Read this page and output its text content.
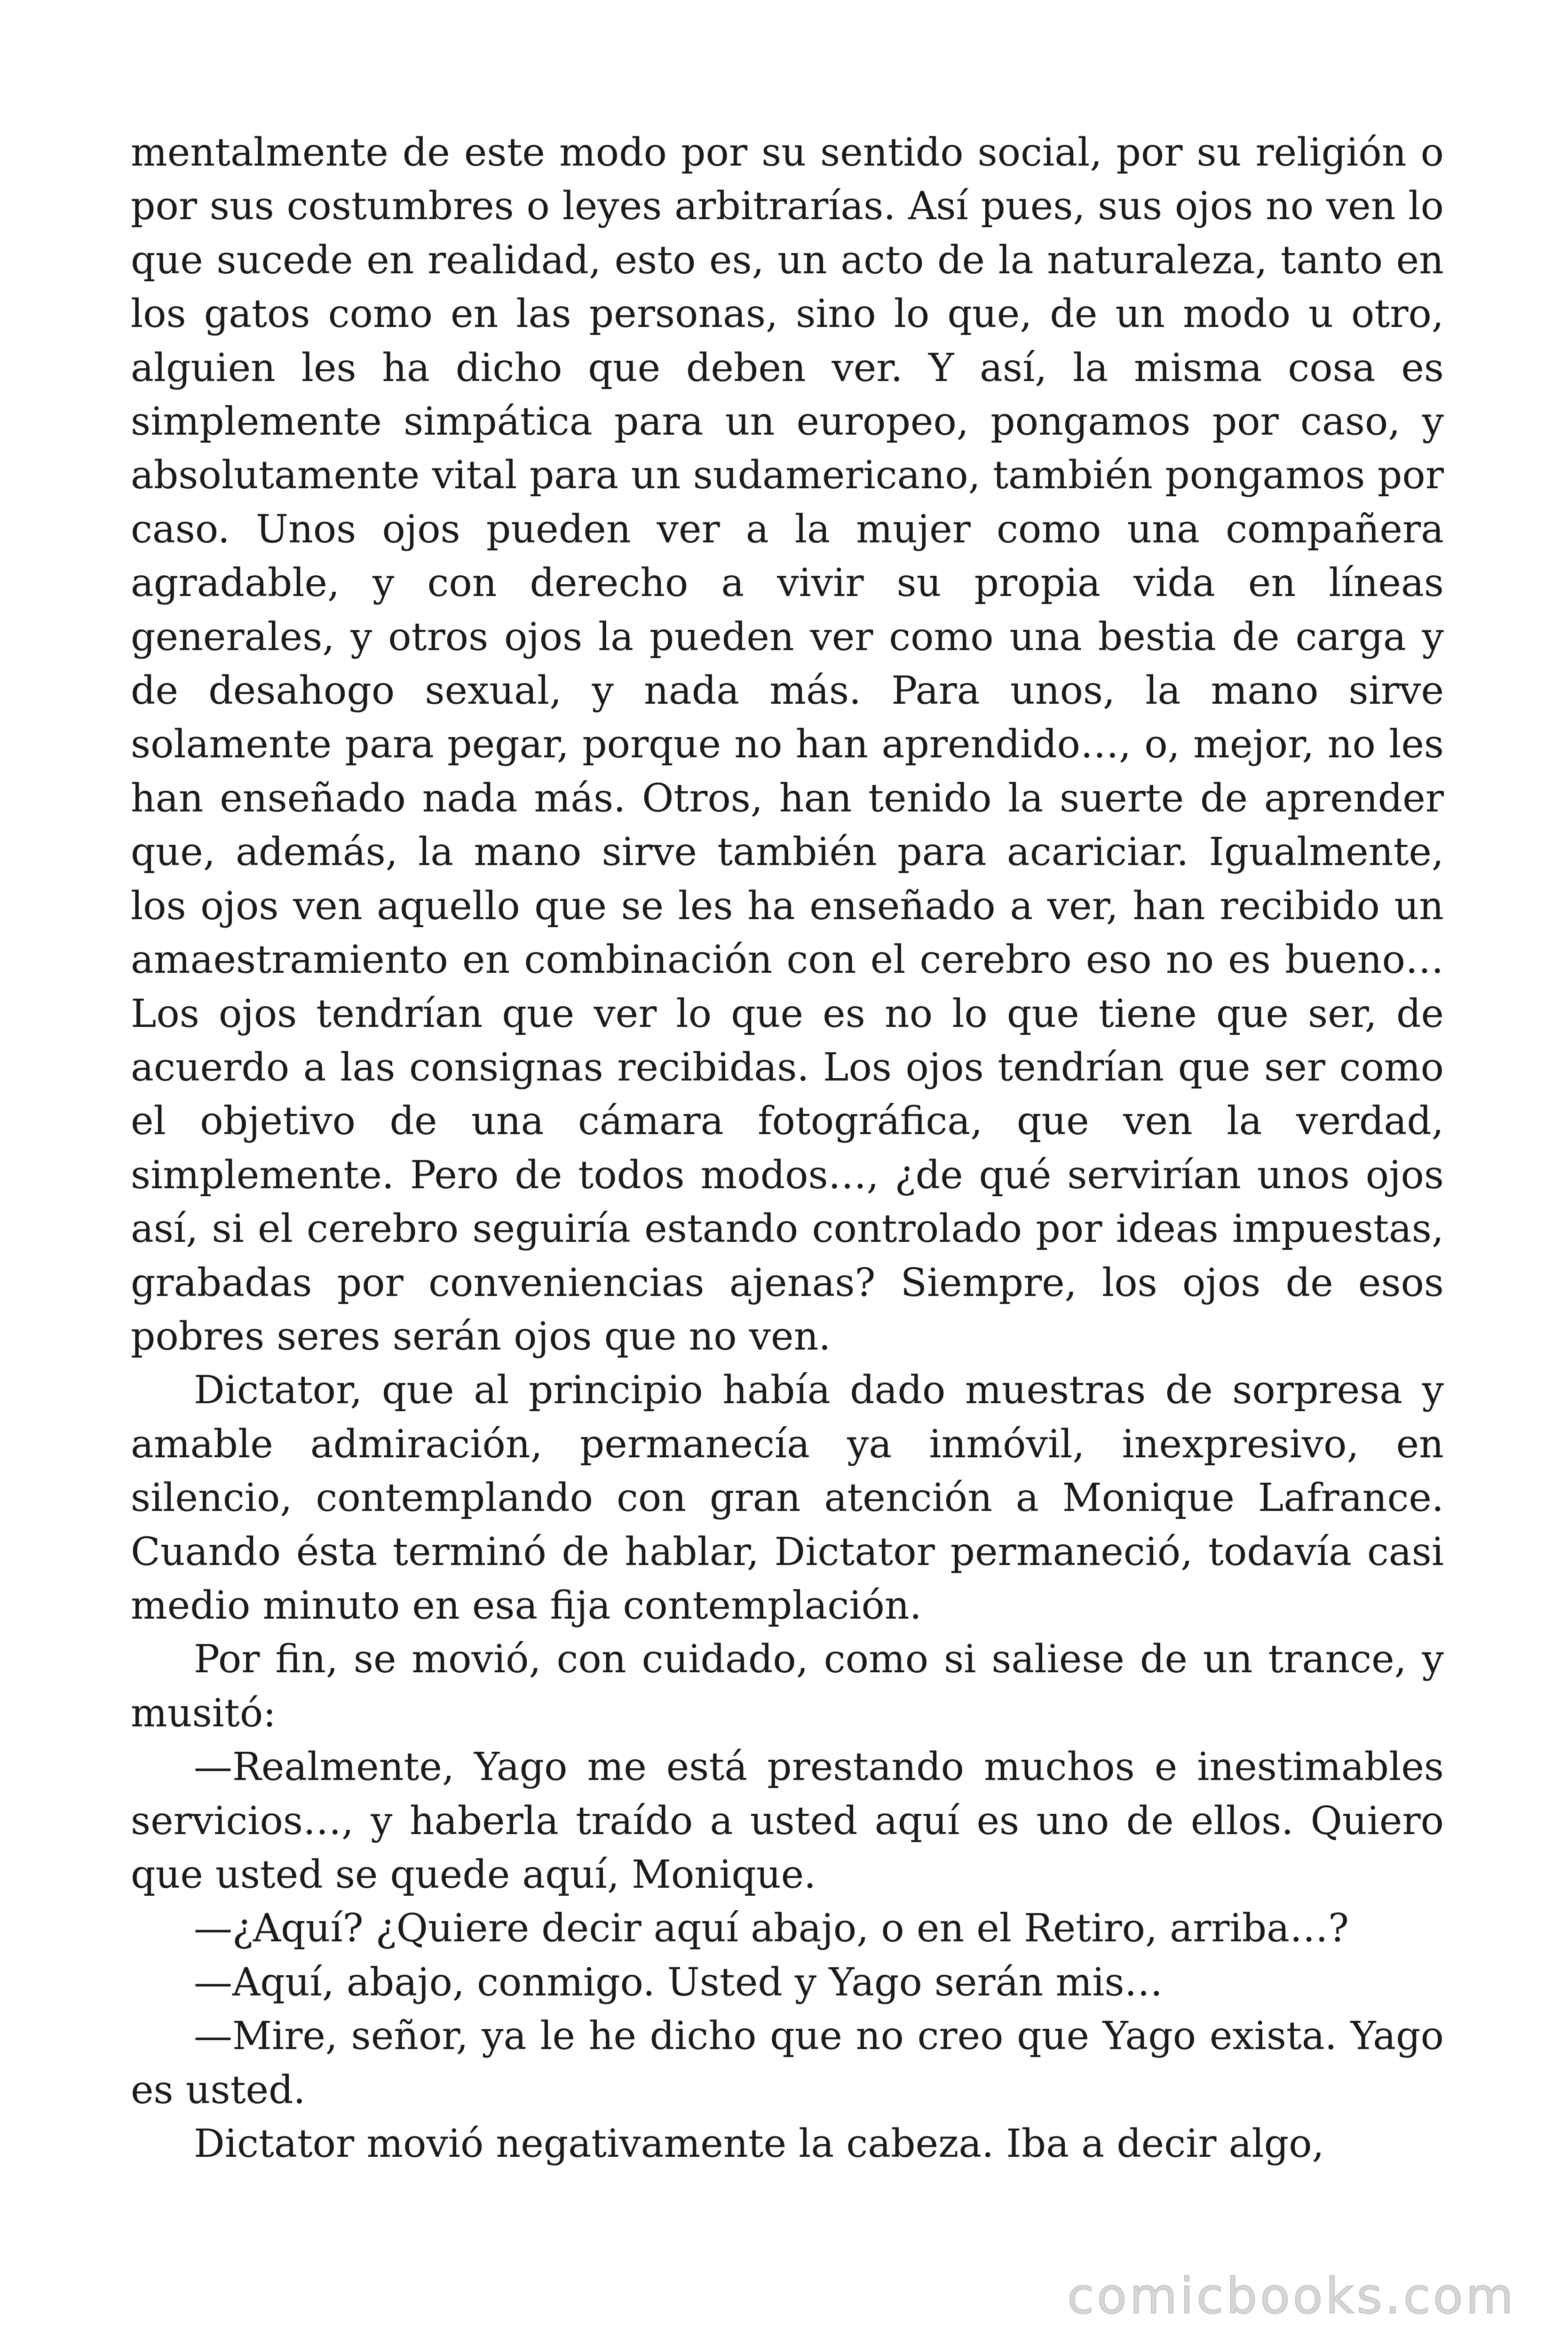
mentalmente de este modo por su sentido social, por su religión o por sus costumbres o leyes arbitrarías. Así pues, sus ojos no ven lo que sucede en realidad, esto es, un acto de la naturaleza, tanto en los gatos como en las personas, sino lo que, de un modo u otro, alguien les ha dicho que deben ver. Y así, la misma cosa es simplemente simpática para un europeo, pongamos por caso, y absolutamente vital para un sudamericano, también pongamos por caso. Unos ojos pueden ver a la mujer como una compañera agradable, y con derecho a vivir su propia vida en líneas generales, y otros ojos la pueden ver como una bestia de carga y de desahogo sexual, y nada más. Para unos, la mano sirve solamente para pegar, porque no han aprendido…, o, mejor, no les han enseñado nada más. Otros, han tenido la suerte de aprender que, además, la mano sirve también para acariciar. Igualmente, los ojos ven aquello que se les ha enseñado a ver, han recibido un amaestramiento en combinación con el cerebro eso no es bueno… Los ojos tendrían que ver lo que es no lo que tiene que ser, de acuerdo a las consignas recibidas. Los ojos tendrían que ser como el objetivo de una cámara fotográfica, que ven la verdad, simplemente. Pero de todos modos…, ¿de qué servirían unos ojos así, si el cerebro seguiría estando controlado por ideas impuestas, grabadas por conveniencias ajenas? Siempre, los ojos de esos pobres seres serán ojos que no ven.

Dictator, que al principio había dado muestras de sorpresa y amable admiración, permanecía ya inmóvil, inexpresivo, en silencio, contemplando con gran atención a Monique Lafrance. Cuando ésta terminó de hablar, Dictator permaneció, todavía casi medio minuto en esa fija contemplación.

Por fin, se movió, con cuidado, como si saliese de un trance, y musitó:

—Realmente, Yago me está prestando muchos e inestimables servicios…, y haberla traído a usted aquí es uno de ellos. Quiero que usted se quede aquí, Monique.

—¿Aquí? ¿Quiere decir aquí abajo, o en el Retiro, arriba…?

—Aquí, abajo, conmigo. Usted y Yago serán mis…

—Mire, señor, ya le he dicho que no creo que Yago exista. Yago es usted.

Dictator movió negativamente la cabeza. Iba a decir algo,

comicbooks.com
